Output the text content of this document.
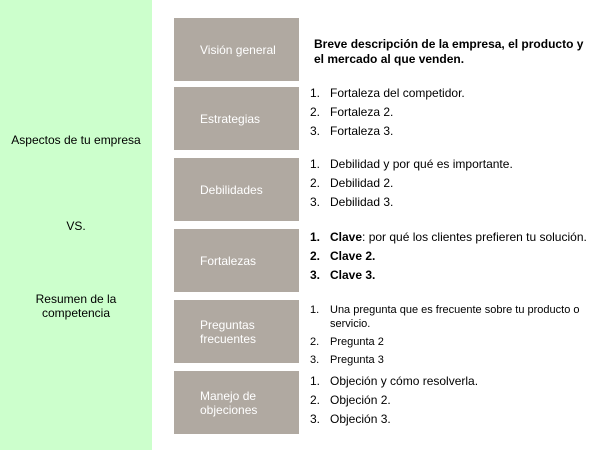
Aspectos de tu empresa
VS.
Resumen de la competencia
Visión general
Estrategias
Debilidades
Fortalezas
Preguntas frecuentes
Manejo de objeciones
Breve descripción de la empresa, el producto y el mercado al que venden.
1. Fortaleza del competidor.
2. Fortaleza 2.
3. Fortaleza 3.
1. Debilidad y por qué es importante.
2. Debilidad 2.
3. Debilidad 3.
1. Clave: por qué los clientes prefieren tu solución.
2. Clave 2.
3. Clave 3.
1. Una pregunta que es frecuente sobre tu producto o servicio.
2. Pregunta 2
3. Pregunta 3
1. Objeción y cómo resolverla.
2. Objeción 2.
3. Objeción 3.
